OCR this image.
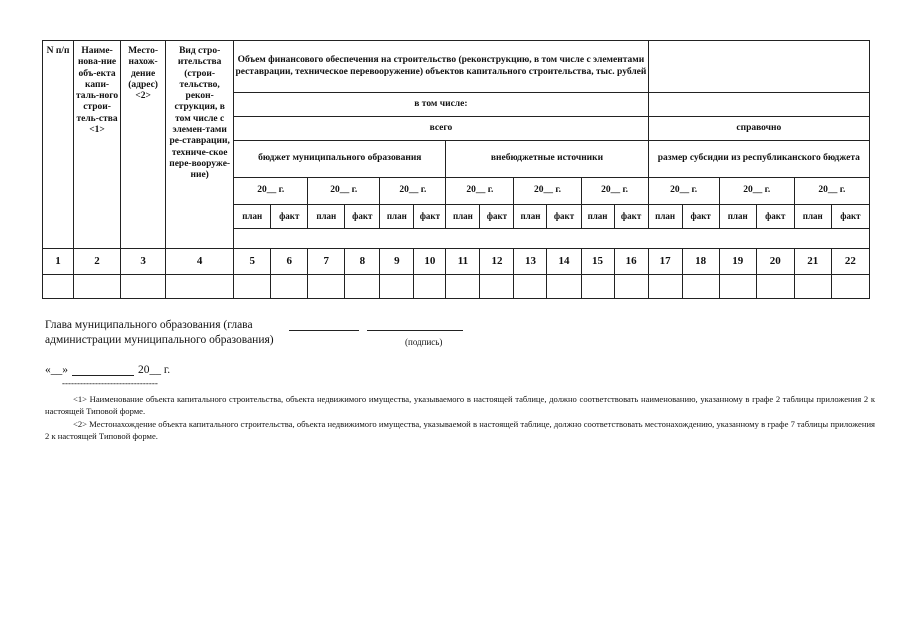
N п/п	Наиме-нова-ние объ-екта капи-таль-ного строи-тель-ства <1>	Место-нахож-дение (адрес) <2>	Вид стро-ительства (строи-тельство, рекон-струкция, в том числе с элемен-тами ре-ставрации, техниче-ское пере-вооруже-ние)	Объем финансового обеспечения на строительство (реконструкцию, в том числе с элементами реставрации, техническое перевооружение) объектов капитального строительства, тыс. рублей																	
				в том числе:																	
				всего												справочно					
				бюджет муниципального образования						внебюджетные источники						размер субсидии из республиканского бюджета					
				20__ г.		20__ г.		20__ г.		20__ г.		20__ г.		20__ г.		20__ г.		20__ г.		20__ г.	
				план	факт	план	факт	план	факт	план	факт	план	факт	план	факт	план	факт	план	факт	план	факт

1	2	3	4	5	6	7	8	9	10	11	12	13	14	15	16	17	18	19	20	21	22

Глава муниципального образования (глава
администрации муниципального образования)	(подпись)
«__»	20__ г.
--------------------------------
<1> Наименование объекта капитального строительства, объекта недвижимого имущества, указываемого в настоящей таблице, должно соответствовать наименованию, указанному в графе 2 таблицы приложения 2 к настоящей Типовой форме.
<2> Местонахождение объекта капитального строительства, объекта недвижимого имущества, указываемой в настоящей таблице, должно соответствовать местонахождению, указанному в графе 7 таблицы приложения 2 к настоящей Типовой форме.
